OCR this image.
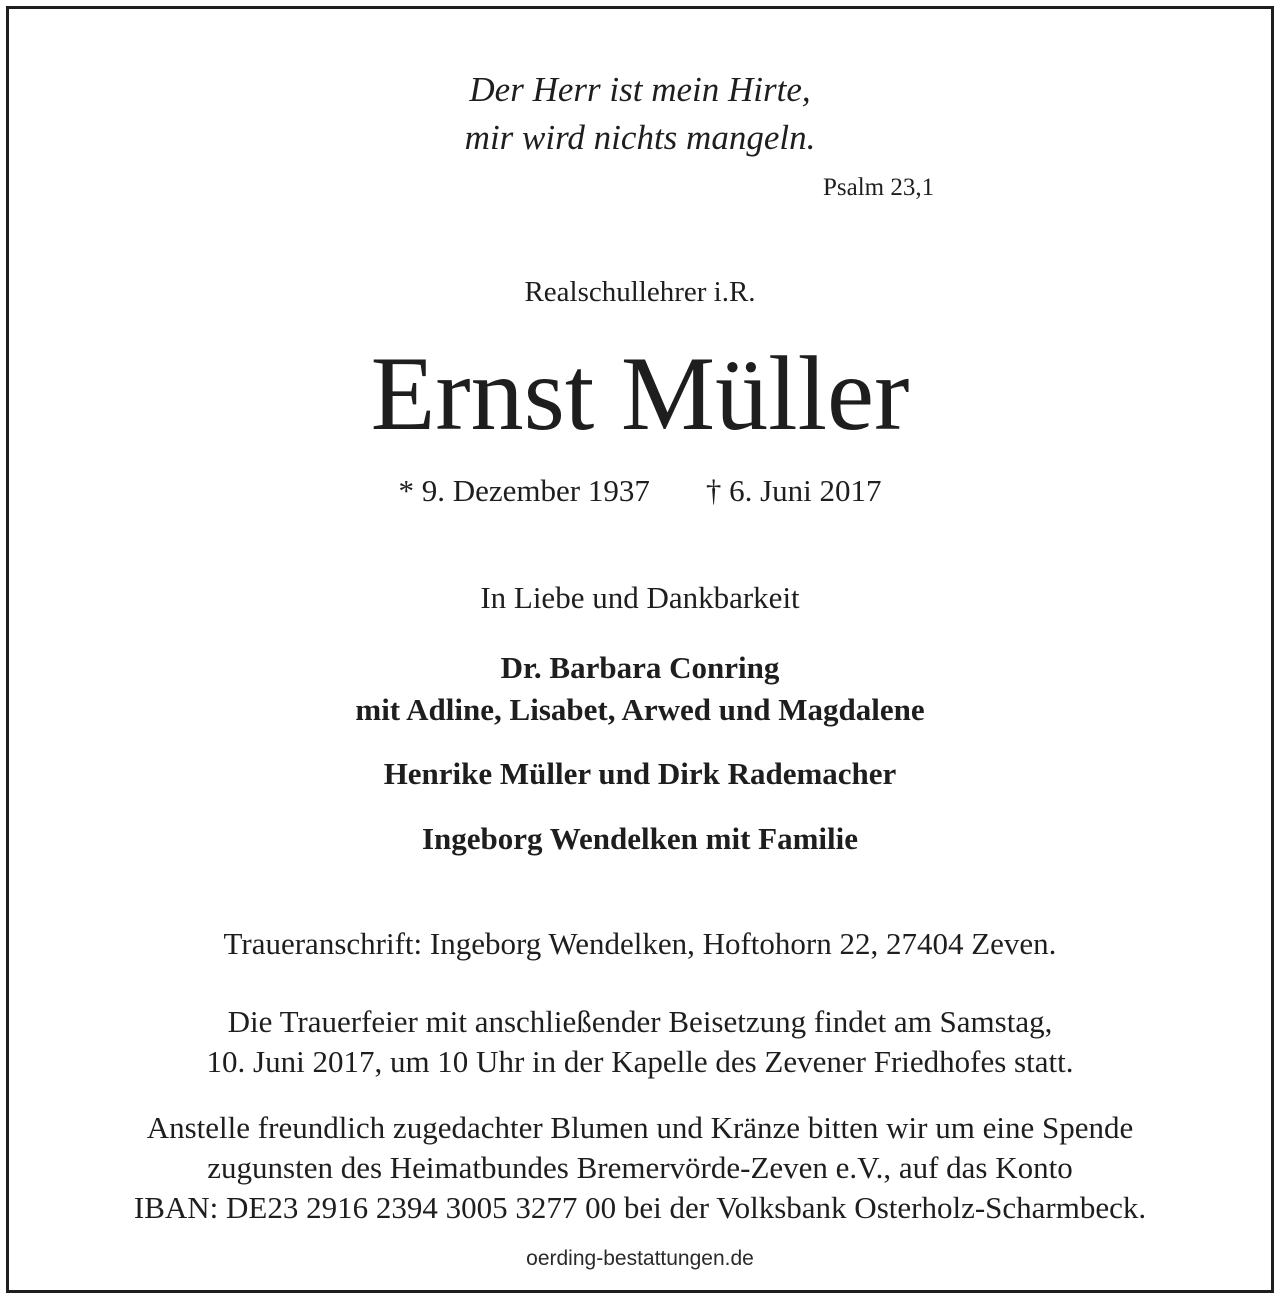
Der Herr ist mein Hirte,

mir wird nichts mangeln.

Psalm 23,1

Realschullehrer i.R.

Ernst Müller

* 9. Dezember 1937 † 6. Juni 2017

In Liebe und Dankbarkeit

Dr. Barbara Conring

mit Adline, Lisabet, Arwed und Magdalene

Henrike Müller und Dirk Rademacher

Ingeborg Wendelken mit Familie

Traueranschrift: Ingeborg Wendelken, Hoftohorn 22, 27404 Zeven.

Die Trauerfeier mit anschließender Beisetzung findet am Samstag,

10. Juni 2017, um 10 Uhr in der Kapelle des Zevener Friedhofes statt.

Anstelle freundlich zugedachter Blumen und Kränze bitten wir um eine Spende

zugunsten des Heimatbundes Bremervörde-Zeven e.V., auf das Konto

IBAN: DE23 2916 2394 3005 3277 00 bei der Volksbank Osterholz-Scharmbeck.

oerding-bestattungen.de
